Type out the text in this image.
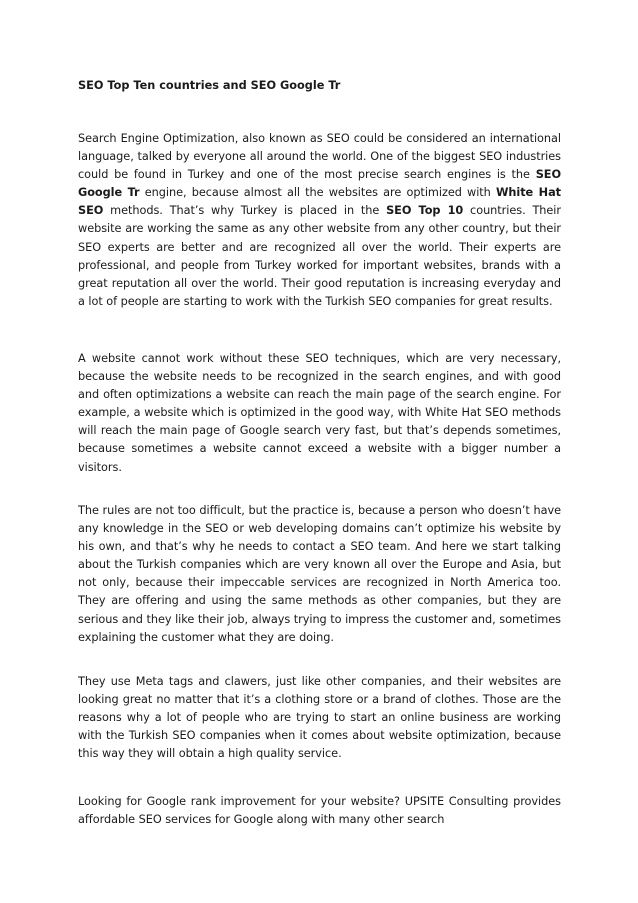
SEO Top Ten countries and SEO Google Tr

Search Engine Optimization, also known as SEO could be considered an international language, talked by everyone all around the world. One of the biggest SEO industries could be found in Turkey and one of the most precise search engines is the SEO Google Tr engine, because almost all the websites are optimized with White Hat SEO methods. That’s why Turkey is placed in the SEO Top 10 countries. Their website are working the same as any other website from any other country, but their SEO experts are better and are recognized all over the world. Their experts are professional, and people from Turkey worked for important websites, brands with a great reputation all over the world. Their good reputation is increasing everyday and a lot of people are starting to work with the Turkish SEO companies for great results.

A website cannot work without these SEO techniques, which are very necessary, because the website needs to be recognized in the search engines, and with good and often optimizations a website can reach the main page of the search engine. For example, a website which is optimized in the good way, with White Hat SEO methods will reach the main page of Google search very fast, but that’s depends sometimes, because sometimes a website cannot exceed a website with a bigger number a visitors.

The rules are not too difficult, but the practice is, because a person who doesn’t have any knowledge in the SEO or web developing domains can’t optimize his website by his own, and that’s why he needs to contact a SEO team. And here we start talking about the Turkish companies which are very known all over the Europe and Asia, but not only, because their impeccable services are recognized in North America too. They are offering and using the same methods as other companies, but they are serious and they like their job, always trying to impress the customer and, sometimes explaining the customer what they are doing.

They use Meta tags and clawers, just like other companies, and their websites are looking great no matter that it’s a clothing store or a brand of clothes. Those are the reasons why a lot of people who are trying to start an online business are working with the Turkish SEO companies when it comes about website optimization, because this way they will obtain a high quality service.

Looking for Google rank improvement for your website? UPSITE Consulting provides affordable SEO services for Google along with many other search
